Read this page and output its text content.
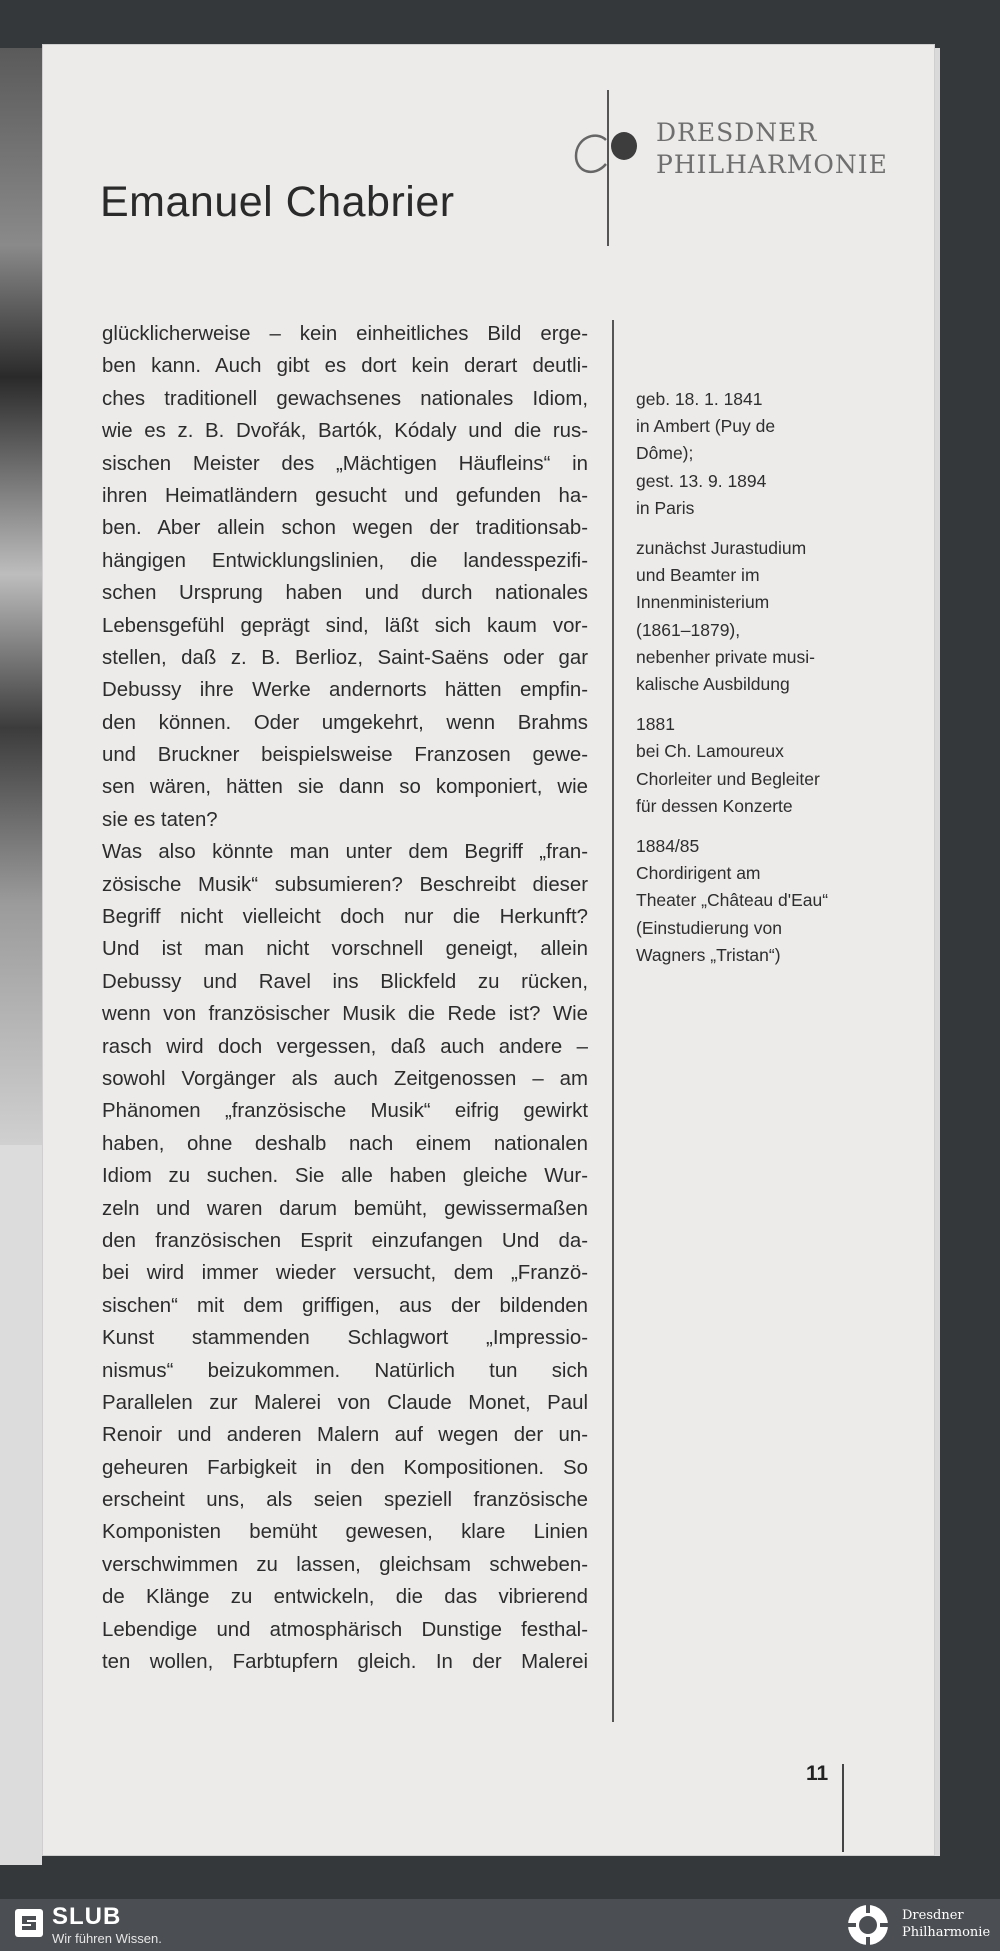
DRESDNER
PHILHARMONIE
Emanuel Chabrier
glücklicherweise – kein einheitliches Bild erge-
ben kann. Auch gibt es dort kein derart deutli-
ches traditionell gewachsenes nationales Idiom,
wie es z. B. Dvořák, Bartók, Kódaly und die rus-
sischen Meister des „Mächtigen Häufleins“ in
ihren Heimatländern gesucht und gefunden ha-
ben. Aber allein schon wegen der traditionsab-
hängigen Entwicklungslinien, die landesspezifi-
schen Ursprung haben und durch nationales
Lebensgefühl geprägt sind, läßt sich kaum vor-
stellen, daß z. B. Berlioz, Saint-Saëns oder gar
Debussy ihre Werke andernorts hätten empfin-
den können. Oder umgekehrt, wenn Brahms
und Bruckner beispielsweise Franzosen gewe-
sen wären, hätten sie dann so komponiert, wie
sie es taten?
Was also könnte man unter dem Begriff „fran-
zösische Musik“ subsumieren? Beschreibt dieser
Begriff nicht vielleicht doch nur die Herkunft?
Und ist man nicht vorschnell geneigt, allein
Debussy und Ravel ins Blickfeld zu rücken,
wenn von französischer Musik die Rede ist? Wie
rasch wird doch vergessen, daß auch andere –
sowohl Vorgänger als auch Zeitgenossen – am
Phänomen „französische Musik“ eifrig gewirkt
haben, ohne deshalb nach einem nationalen
Idiom zu suchen. Sie alle haben gleiche Wur-
zeln und waren darum bemüht, gewissermaßen
den französischen Esprit einzufangen Und da-
bei wird immer wieder versucht, dem „Franzö-
sischen“ mit dem griffigen, aus der bildenden
Kunst stammenden Schlagwort „Impressio-
nismus“ beizukommen. Natürlich tun sich
Parallelen zur Malerei von Claude Monet, Paul
Renoir und anderen Malern auf wegen der un-
geheuren Farbigkeit in den Kompositionen. So
erscheint uns, als seien speziell französische
Komponisten bemüht gewesen, klare Linien
verschwimmen zu lassen, gleichsam schweben-
de Klänge zu entwickeln, die das vibrierend
Lebendige und atmosphärisch Dunstige festhal-
ten wollen, Farbtupfern gleich. In der Malerei
geb. 18. 1. 1841
in Ambert (Puy de
Dôme);
gest. 13. 9. 1894
in Paris
zunächst Jurastudium
und Beamter im
Innenministerium
(1861–1879),
nebenher private musi-
kalische Ausbildung
1881
bei Ch. Lamoureux
Chorleiter und Begleiter
für dessen Konzerte
1884/85
Chordirigent am
Theater „Château d'Eau“
(Einstudierung von
Wagners „Tristan“)
11
SLUB
Wir führen Wissen.
Dresdner
Philharmonie
